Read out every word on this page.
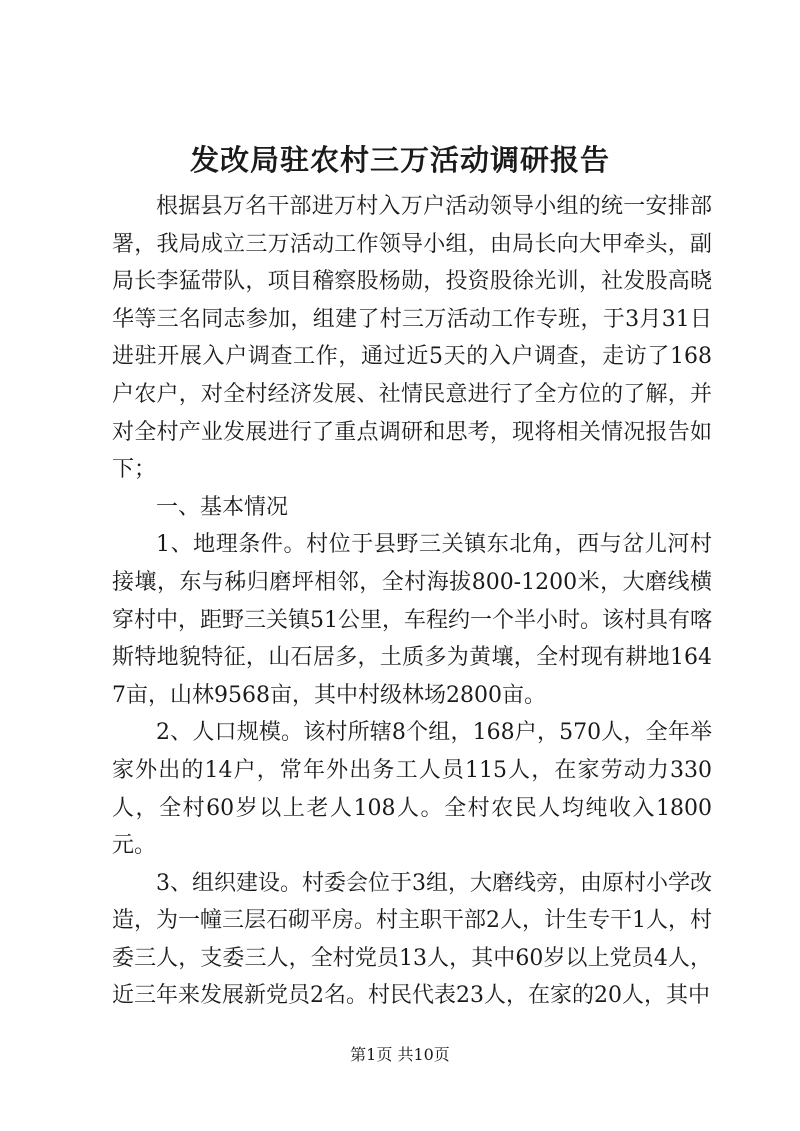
发改局驻农村三万活动调研报告

根据县万名干部进万村入万户活动领导小组的统一安排部署，我局成立三万活动工作领导小组，由局长向大甲牵头，副局长李猛带队，项目稽察股杨勋，投资股徐光训，社发股高晓华等三名同志参加，组建了村三万活动工作专班，于3月31日进驻开展入户调查工作，通过近5天的入户调查，走访了168户农户，对全村经济发展、社情民意进行了全方位的了解，并对全村产业发展进行了重点调研和思考，现将相关情况报告如下；

一、基本情况

1、地理条件。村位于县野三关镇东北角，西与岔儿河村接壤，东与秭归磨坪相邻，全村海拔800-1200米，大磨线横穿村中，距野三关镇51公里，车程约一个半小时。该村具有喀斯特地貌特征，山石居多，土质多为黄壤，全村现有耕地1647亩，山林9568亩，其中村级林场2800亩。

2、人口规模。该村所辖8个组，168户，570人，全年举家外出的14户，常年外出务工人员115人，在家劳动力330人，全村60岁以上老人108人。全村农民人均纯收入1800元。

3、组织建设。村委会位于3组，大磨线旁，由原村小学改造，为一幢三层石砌平房。村主职干部2人，计生专干1人，村委三人，支委三人，全村党员13人，其中60岁以上党员4人，近三年来发展新党员2名。村民代表23人，在家的20人，其中

第1页 共10页
